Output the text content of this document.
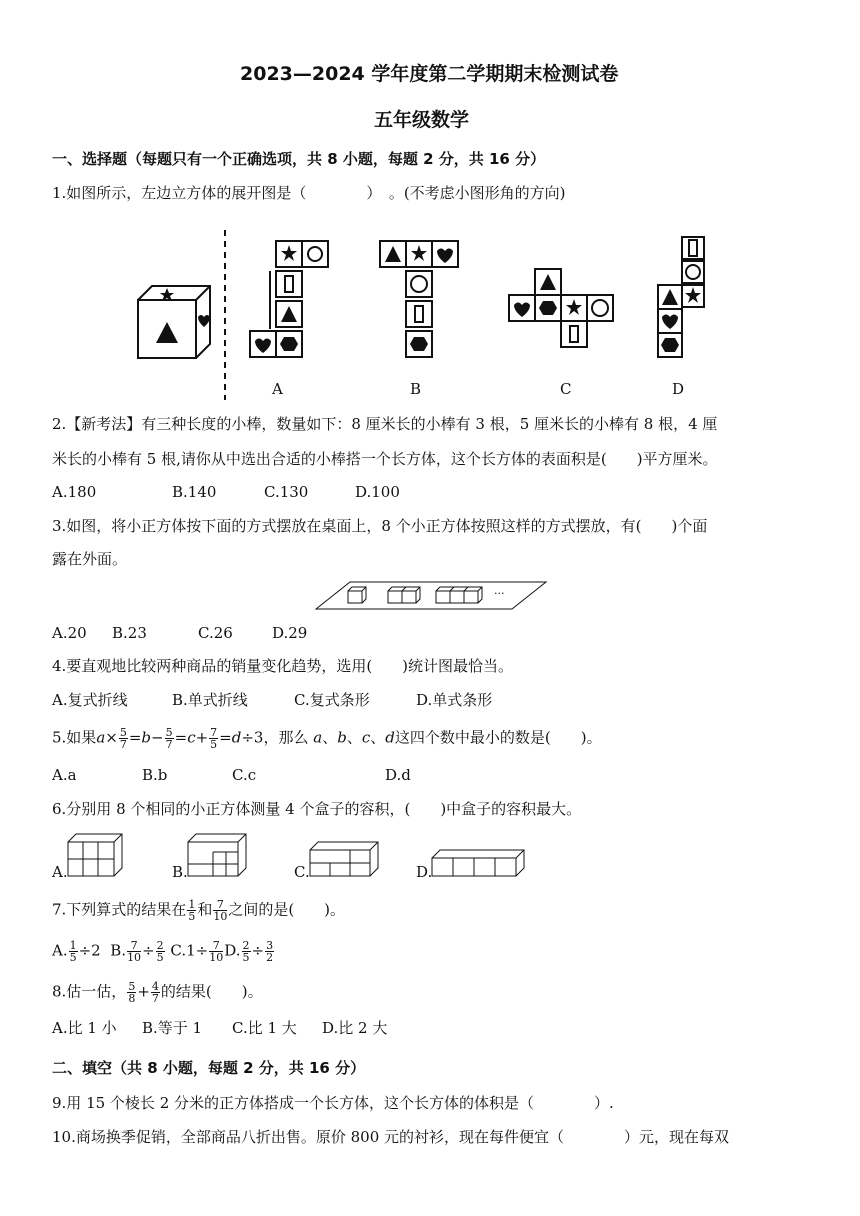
2023—2024 学年度第二学期期末检测试卷
五年级数学
一、选择题（每题只有一个正确选项，共 8 小题，每题 2 分，共 16 分）
1.如图所示，左边立方体的展开图是（　　　　）　。(不考虑小图形角的方向)
A	B	C	D
2.【新考法】有三种长度的小棒，数量如下：8 厘米长的小棒有 3 根，5 厘米长的小棒有 8 根，4 厘
米长的小棒有 5 根,请你从中选出合适的小棒搭一个长方体，这个长方体的表面积是(　　)平方厘米。
A.180	B.140	C.130	D.100
3.如图，将小正方体按下面的方式摆放在桌面上，8 个小正方体按照这样的方式摆放，有(　　)个面
露在外面。
···
A.20 B.23	C.26	D.29
4.要直观地比较两种商品的销量变化趋势，选用(　　)统计图最恰当。
A.复式折线	B.单式折线	C.复式条形	D.单式条形
5.如果$a\times \frac{5}{7} =b- \frac{5}{7} =c+ \frac{7}{5} =d\div 3$，那么 a、b、c、d这四个数中最小的数是(　　)。
A.a	B.b	C.c	D.d
6.分别用 8 个相同的小正方体测量 4 个盒子的容积，(　　)中盒子的容积最大。
A.	B.	C.	D.
7.下列算式的结果在 $\frac{1}{5}$ 和 $\frac{7}{10}$ 之间的是(　　)。
A. $\frac{1}{5} \div 2$  B. $\frac{7}{10} \div \frac{2}{5} C.1\div \frac{7}{10} D$. $\frac{2}{5} \div \frac{3}{2}$
8.估一估， $\frac{5}{8} + \frac{4}{7}$ 的结果(　　)。
A.比 1 小 B.等于 1 C.比 1 大 D.比 2 大
二、填空（共 8 小题，每题 2 分，共 16 分）
9.用 15 个棱长 2 分米的正方体搭成一个长方体，这个长方体的体积是（　　　　）.
10.商场换季促销，全部商品八折出售。原价 800 元的衬衫，现在每件便宜（　　　　）元，现在每双
